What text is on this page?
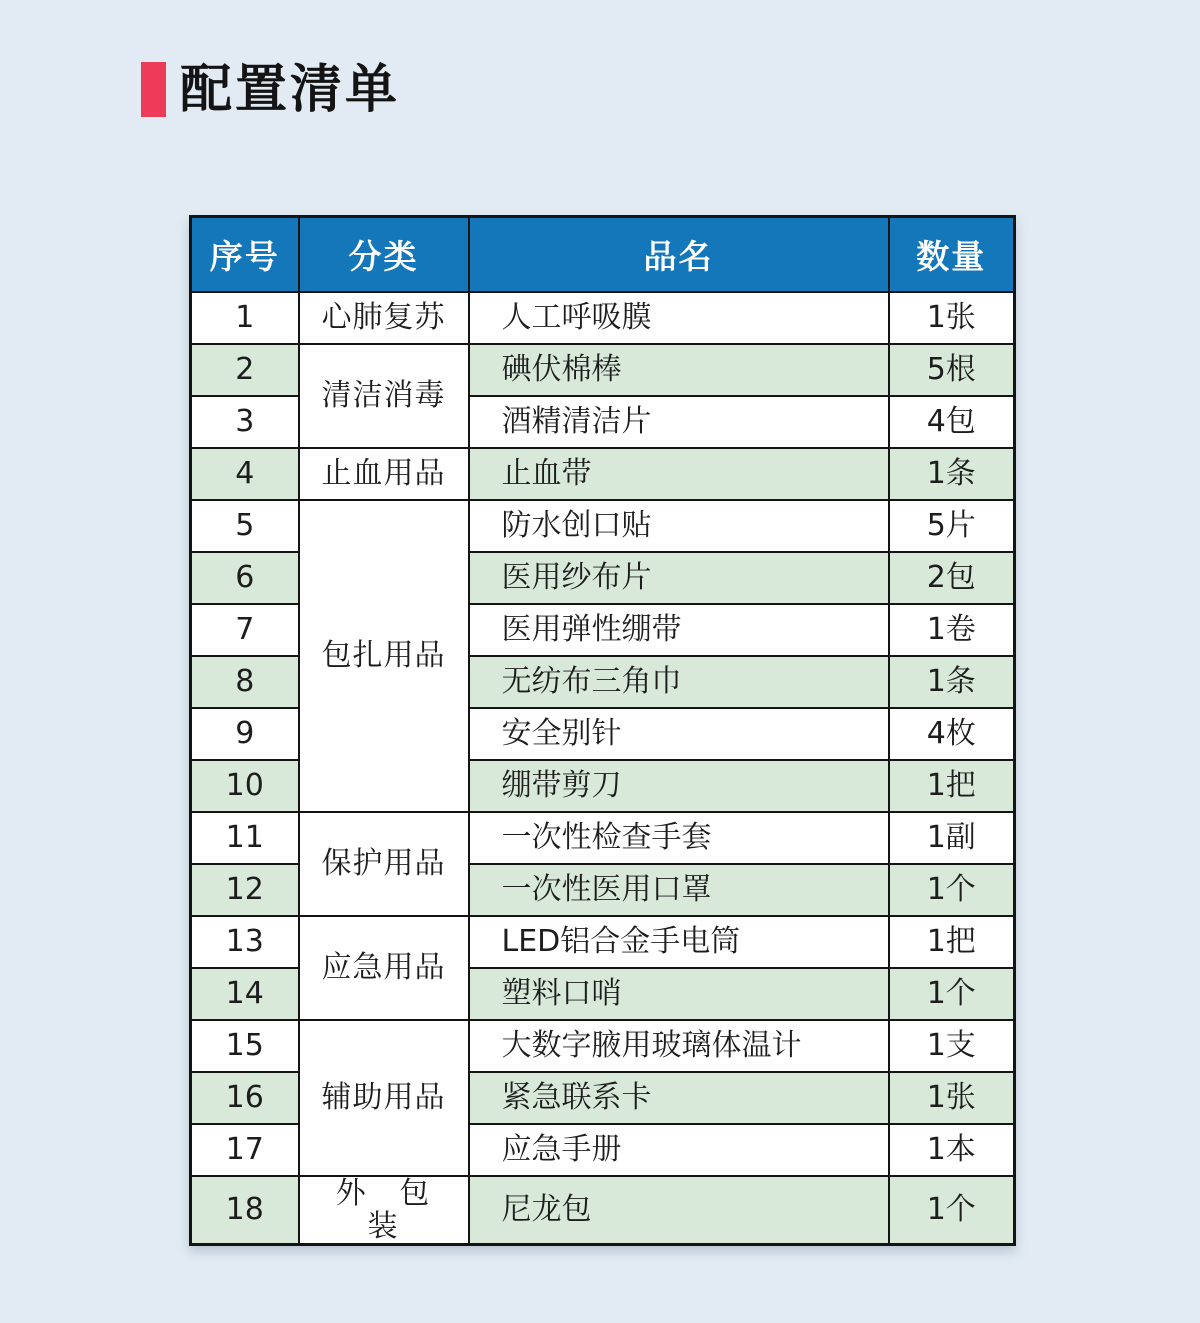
配置清单
序号	分类	品名	数量
1	心肺复苏	人工呼吸膜	1张
2	清洁消毒	碘伏棉棒	5根
3		酒精清洁片	4包
4	止血用品	止血带	1条
5	包扎用品	防水创口贴	5片
6		医用纱布片	2包
7		医用弹性绷带	1卷
8		无纺布三角巾	1条
9		安全别针	4枚
10		绷带剪刀	1把
11	保护用品	一次性检查手套	1副
12		一次性医用口罩	1个
13	应急用品	LED铝合金手电筒	1把
14		塑料口哨	1个
15	辅助用品	大数字腋用玻璃体温计	1支
16		紧急联系卡	1张
17		应急手册	1本
18	外 包 装	尼龙包	1个
